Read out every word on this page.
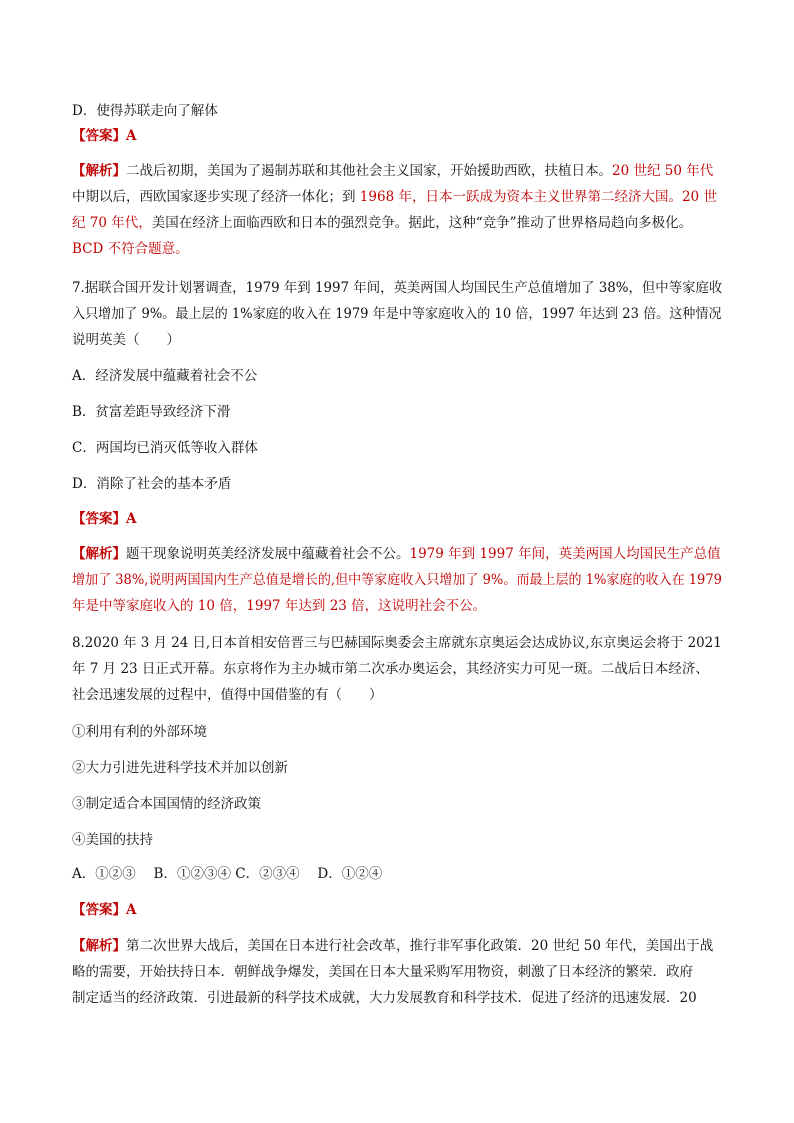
D．使得苏联走向了解体
【答案】A
【解析】二战后初期，美国为了遏制苏联和其他社会主义国家，开始援助西欧，扶植日本。20 世纪 50 年代
中期以后，西欧国家逐步实现了经济一体化；到 1968 年，日本一跃成为资本主义世界第二经济大国。20 世
纪 70 年代，美国在经济上面临西欧和日本的强烈竞争。据此，这种“竞争”推动了世界格局趋向多极化。
BCD 不符合题意。
7.据联合国开发计划署调查，1979 年到 1997 年间，英美两国人均国民生产总值增加了 38%，但中等家庭收
入只增加了 9%。最上层的 1%家庭的收入在 1979 年是中等家庭收入的 10 倍，1997 年达到 23 倍。这种情况
说明英美（　　）
A．经济发展中蕴藏着社会不公
B．贫富差距导致经济下滑
C．两国均已消灭低等收入群体
D．消除了社会的基本矛盾
【答案】A
【解析】题干现象说明英美经济发展中蕴藏着社会不公。1979 年到 1997 年间，英美两国人均国民生产总值
增加了 38%,说明两国国内生产总值是增长的,但中等家庭收入只增加了 9%。而最上层的 1%家庭的收入在 1979
年是中等家庭收入的 10 倍，1997 年达到 23 倍，这说明社会不公。
8.2020 年 3 月 24 日,日本首相安倍晋三与巴赫国际奥委会主席就东京奥运会达成协议,东京奥运会将于 2021
年 7 月 23 日正式开幕。东京将作为主办城市第二次承办奥运会，其经济实力可见一斑。二战后日本经济、
社会迅速发展的过程中，值得中国借鉴的有（　　）
①利用有利的外部环境
②大力引进先进科学技术并加以创新
③制定适合本国国情的经济政策
④美国的扶持
A．①②③　 B．①②③④ C．②③④　 D．①②④
【答案】A
【解析】第二次世界大战后，美国在日本进行社会改革，推行非军事化政策．20 世纪 50 年代，美国出于战
略的需要，开始扶持日本．朝鲜战争爆发，美国在日本大量采购军用物资，刺激了日本经济的繁荣．政府
制定适当的经济政策．引进最新的科学技术成就，大力发展教育和科学技术．促进了经济的迅速发展．20
